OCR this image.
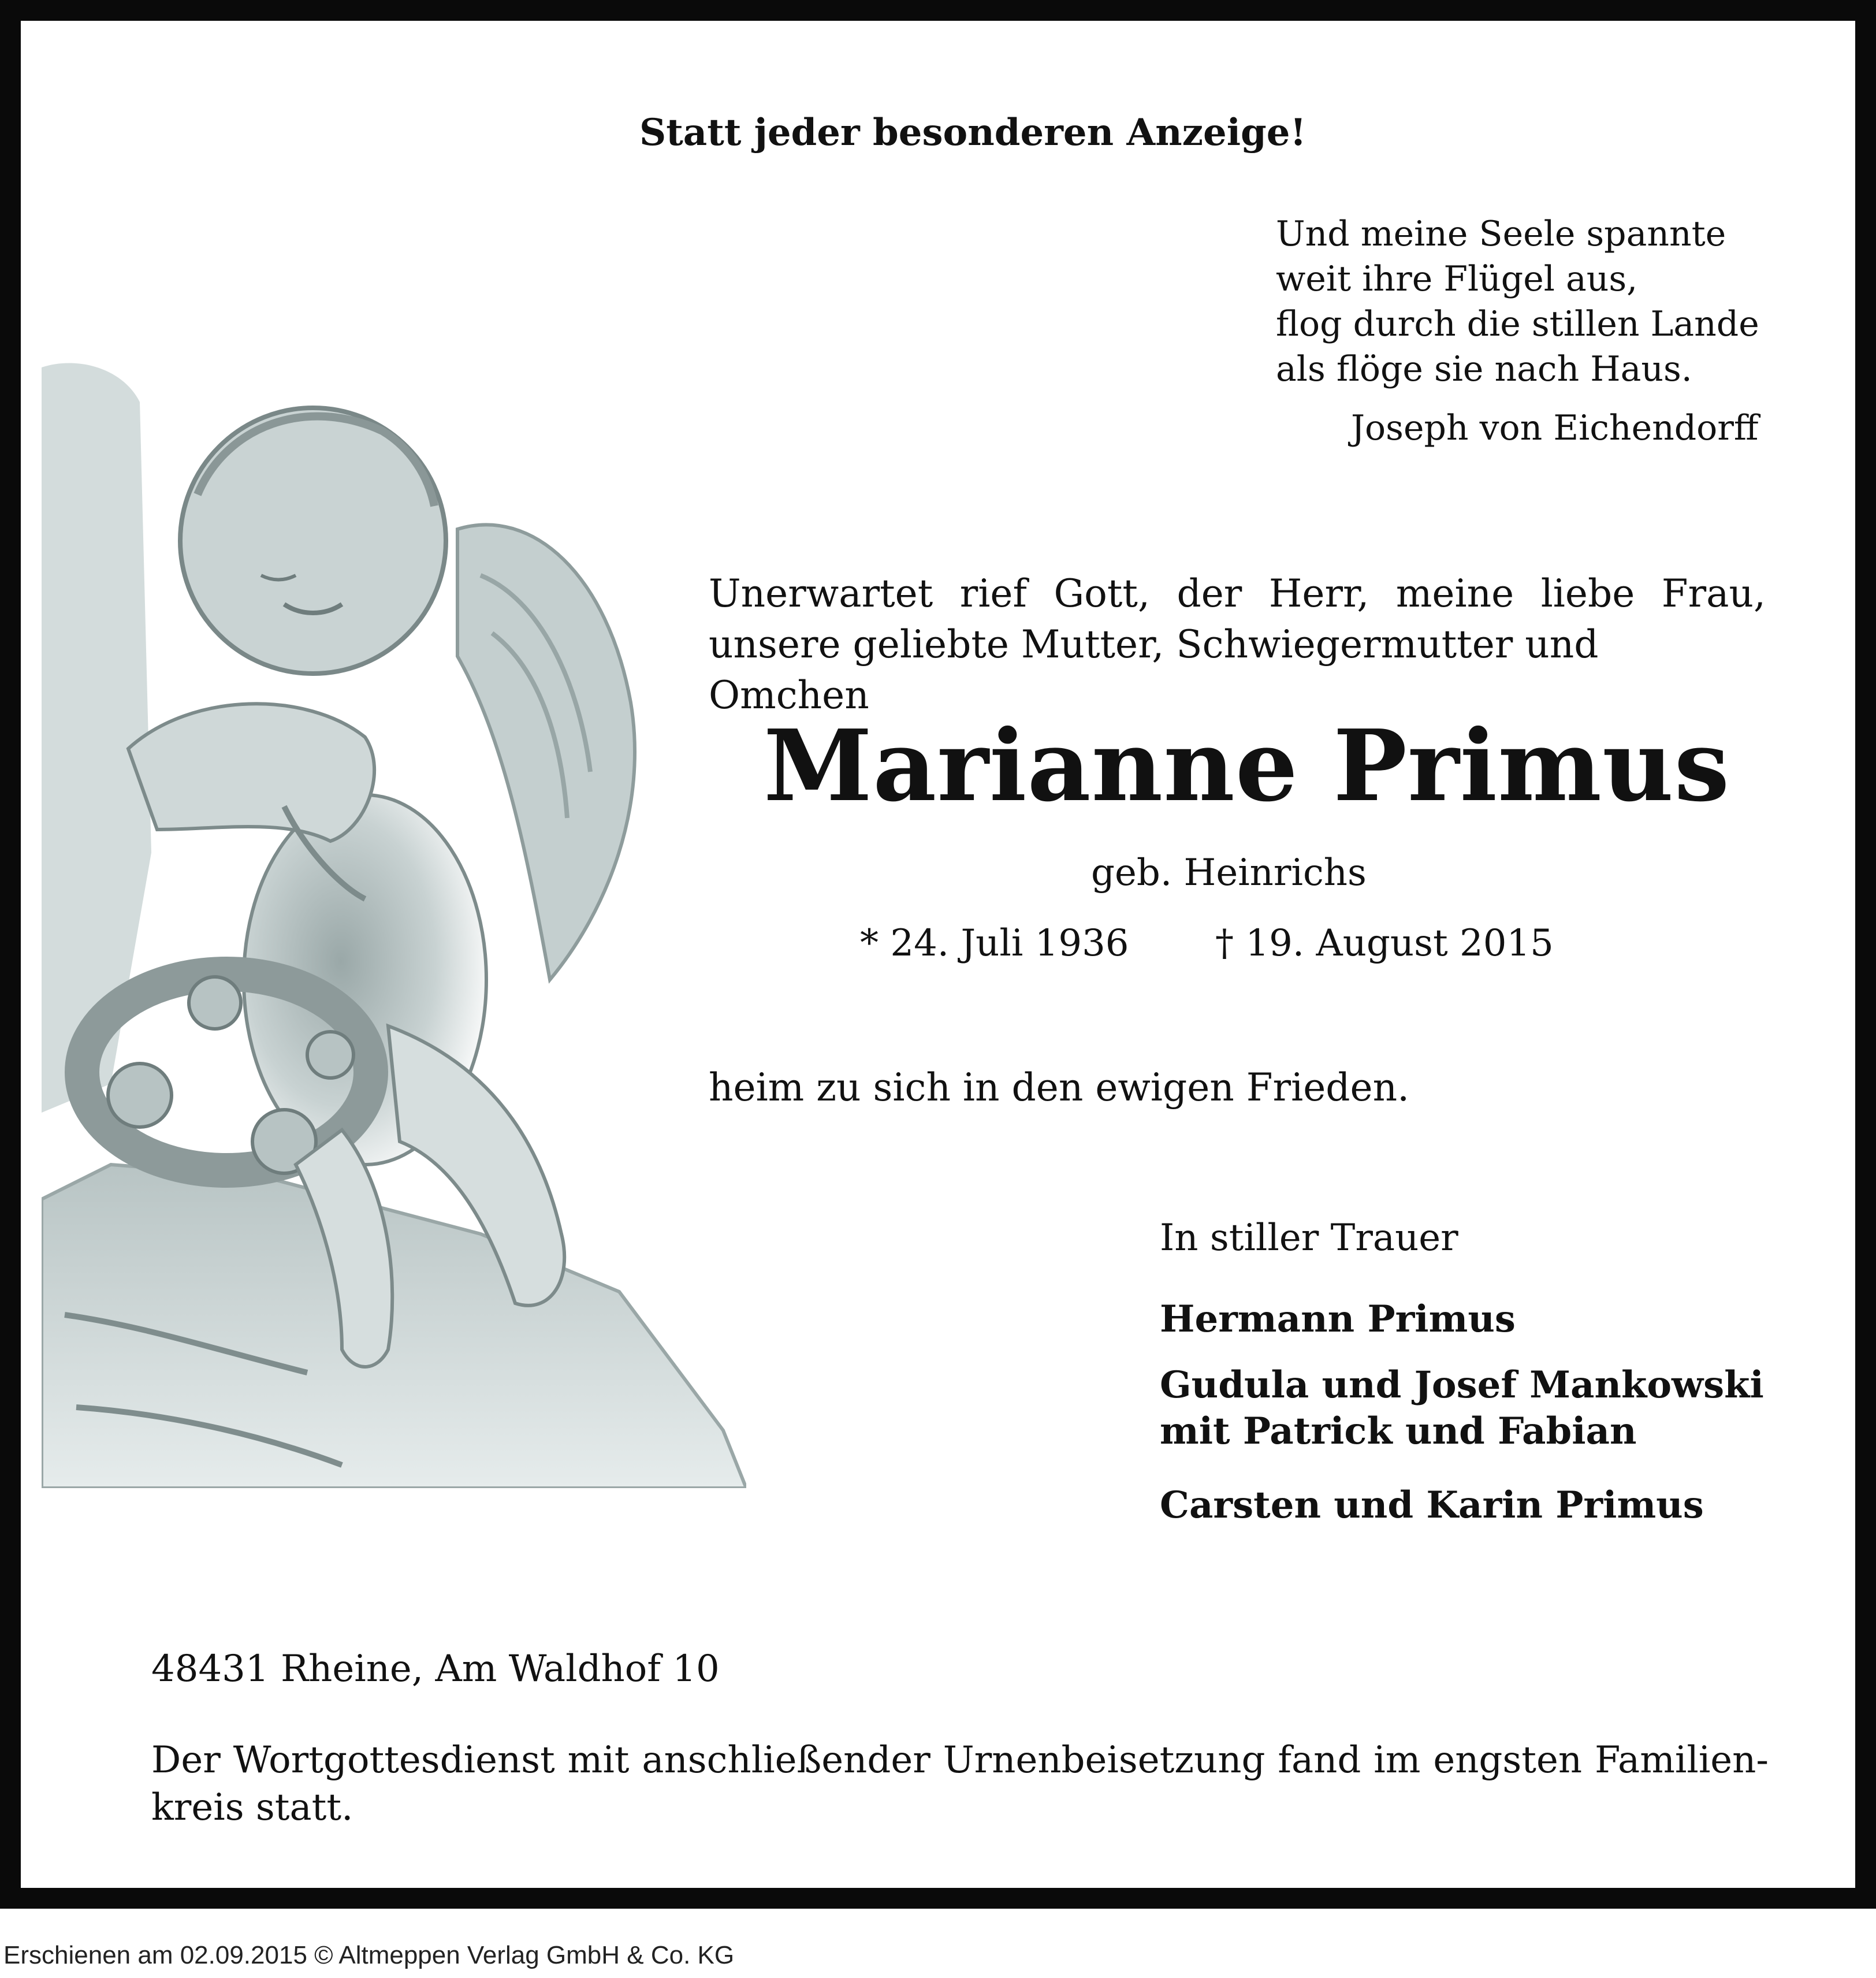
Statt jeder besonderen Anzeige!

Und meine Seele spannte
weit ihre Flügel aus,
flog durch die stillen Lande
als flöge sie nach Haus.

Joseph von Eichendorff

Unerwartet rief Gott, der Herr, meine liebe Frau,
unsere geliebte Mutter, Schwiegermutter und Omchen

Marianne Primus

geb. Heinrichs

* 24. Juli 1936 † 19. August 2015

heim zu sich in den ewigen Frieden.

In stiller Trauer

Hermann Primus

Gudula und Josef Mankowski
mit Patrick und Fabian

Carsten und Karin Primus

48431 Rheine, Am Waldhof 10

Der Wortgottesdienst mit anschließender Urnenbeisetzung fand im engsten Familien-
kreis statt.

Erschienen am 02.09.2015 © Altmeppen Verlag GmbH & Co. KG
